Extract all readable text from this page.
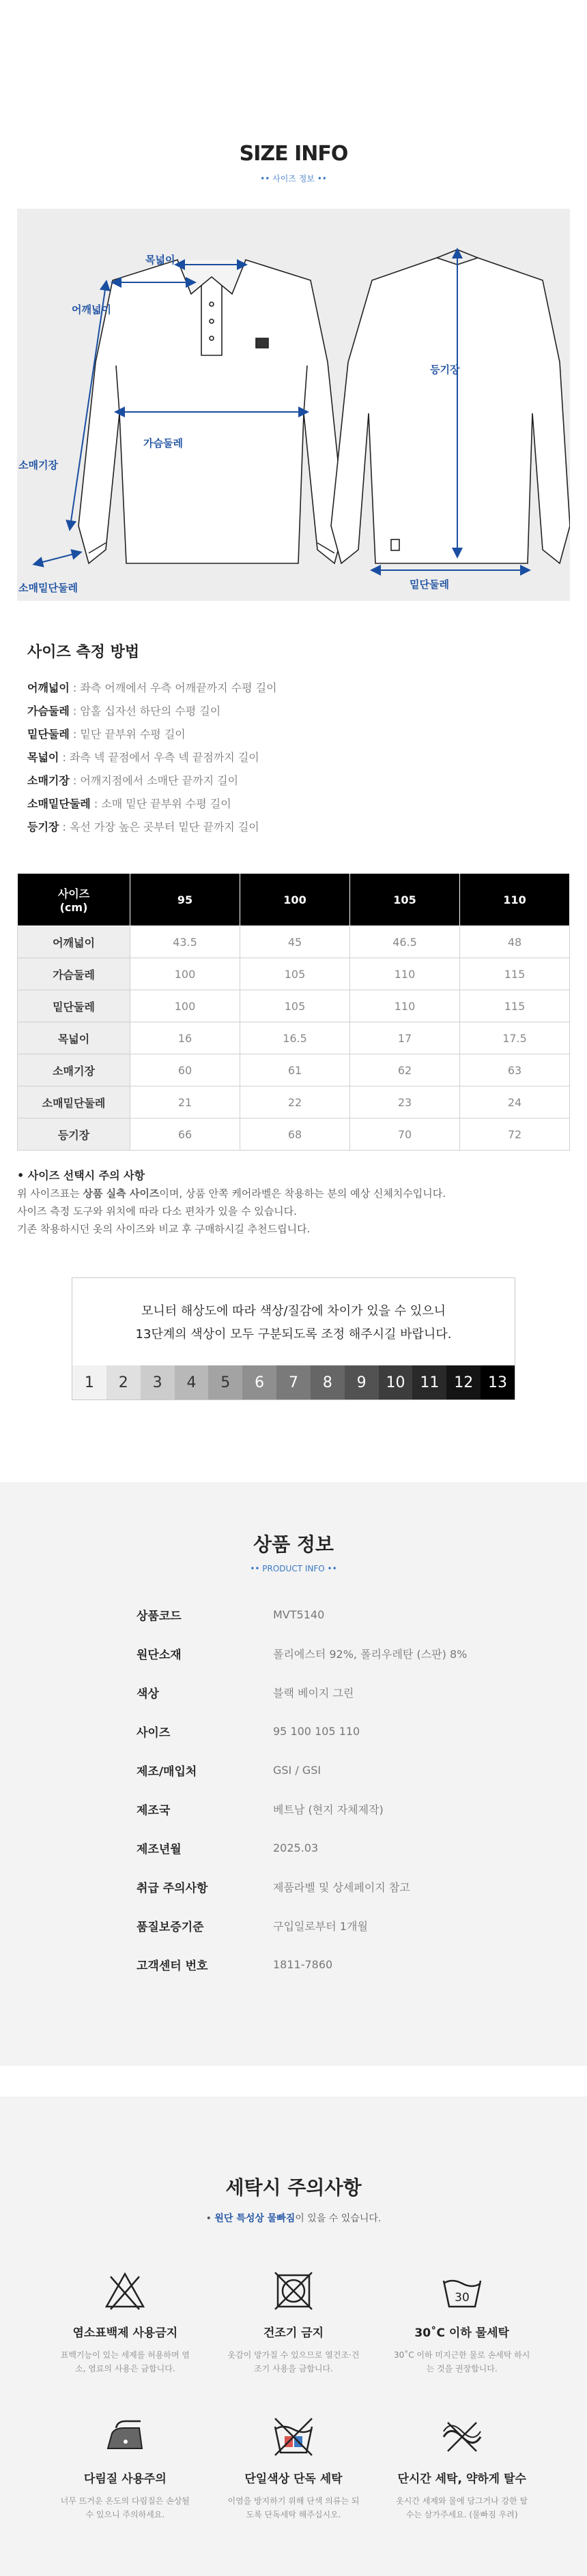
SIZE INFO
•• 사이즈 정보 ••
목넓이
어깨넓이
가슴둘레
소매기장
소매밑단둘레
등기장
밑단둘레
사이즈 측정 방법
어깨넓이 : 좌측 어깨에서 우측 어깨끝까지 수평 길이
가슴둘레 : 암홀 십자선 하단의 수평 길이
밑단둘레 : 밑단 끝부위 수평 길이
목넓이 : 좌측 넥 끝점에서 우측 넥 끝점까지 길이
소매기장 : 어깨지점에서 소매단 끝까지 길이
소매밑단둘레 : 소매 밑단 끝부위 수평 길이
등기장 : 옥선 가장 높은 곳부터 밑단 끝까지 길이
사이즈
(cm)	95	100	105	110
어깨넓이	43.5	45	46.5	48
가슴둘레	100	105	110	115
밑단둘레	100	105	110	115
목넓이	16	16.5	17	17.5
소매기장	60	61	62	63
소매밑단둘레	21	22	23	24
등기장	66	68	70	72
• 사이즈 선택시 주의 사항
위 사이즈표는 상품 실측 사이즈이며, 상품 안쪽 케어라벨은 착용하는 분의 예상 신체치수입니다.
사이즈 측정 도구와 위치에 따라 다소 편차가 있을 수 있습니다.
기존 착용하시던 옷의 사이즈와 비교 후 구매하시길 추천드립니다.

모니터 해상도에 따라 색상/질감에 차이가 있을 수 있으니

13단계의 색상이 모두 구분되도록 조정 해주시길 바랍니다.

1	2	3	4	5	6	7	8	9	10 11 12 13
상품 정보
•• PRODUCT INFO ••
상품코드	MVT5140
원단소재	폴리에스터 92%, 폴리우레탄 (스판) 8%
색상	블랙 베이지 그린
사이즈	95 100 105 110
제조/매입처	GSI / GSI
제조국	베트남 (현지 자체제작)
제조년월	2025.03
취급 주의사항	제품라벨 및 상세페이지 참고
품질보증기준	구입일로부터 1개월
고객센터 번호	1811-7860
세탁시 주의사항
• 원단 특성상 물빠짐이 있을 수 있습니다.
염소표백제 사용금지
표백기능이 있는 세제를 허용하며 염소, 염료의 사용은 금합니다.
건조기 금지
옷감이 망가질 수 있으므로 열건조·건조기 사용을 금합니다.
30
30˚C 이하 물세탁
30˚C 이하 미지근한 물로 손세탁 하시는 것을 권장합니다.
다림질 사용주의
너무 뜨거운 온도의 다림질은 손상될 수 있으니 주의하세요.
단일색상 단독 세탁
이염을 방지하기 위해 단색 의류는 되도록 단독세탁 해주십시오.
단시간 세탁, 약하게 탈수
옷시간 세제와 물에 담그거나 강한 탈수는 삼가주세요. (물빠짐 우려)
